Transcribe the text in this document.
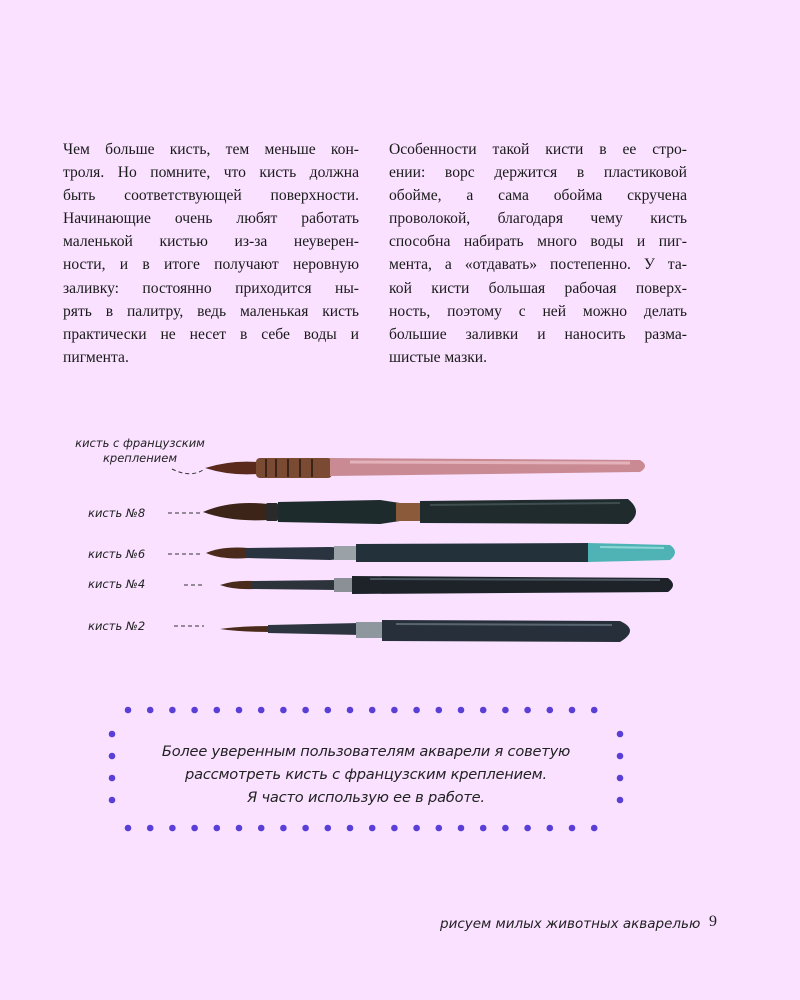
Чем больше кисть, тем меньше кон-
троля. Но помните, что кисть должна
быть соответствующей поверхности.
Начинающие очень любят работать
маленькой кистью из-за неуверен-
ности, и в итоге получают неровную
заливку: постоянно приходится ны-
рять в палитру, ведь маленькая кисть
практически не несет в себе воды и
пигмента.
Особенности такой кисти в ее стро-
ении: ворс держится в пластиковой
обойме, а сама обойма скручена
проволокой, благодаря чему кисть
способна набирать много воды и пиг-
мента, а «отдавать» постепенно. У та-
кой кисти большая рабочая поверх-
ность, поэтому с ней можно делать
большие заливки и наносить разма-
шистые мазки.
кисть с французским
креплением
кисть №8
кисть №6
кисть №4
кисть №2
Более уверенным пользователям акварели я советую
рассмотреть кисть с французским креплением.
Я часто использую ее в работе.
рисуем милых животных акварелью 9
